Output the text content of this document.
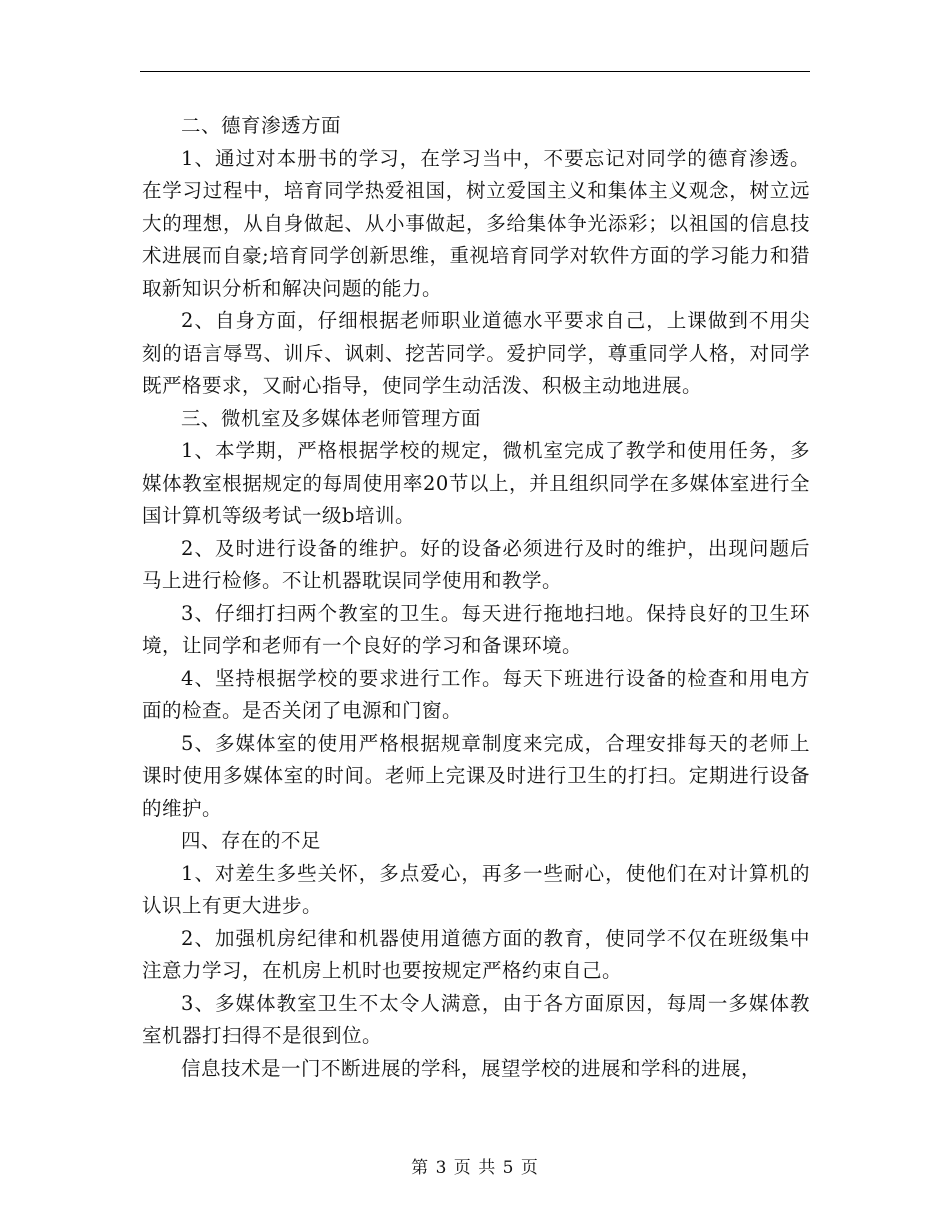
二、德育渗透方面

1、通过对本册书的学习，在学习当中，不要忘记对同学的德育渗透。在学习过程中，培育同学热爱祖国，树立爱国主义和集体主义观念，树立远大的理想，从自身做起、从小事做起，多给集体争光添彩；以祖国的信息技术进展而自豪;培育同学创新思维，重视培育同学对软件方面的学习能力和猎取新知识分析和解决问题的能力。

2、自身方面，仔细根据老师职业道德水平要求自己，上课做到不用尖刻的语言辱骂、训斥、讽刺、挖苦同学。爱护同学，尊重同学人格，对同学既严格要求，又耐心指导，使同学生动活泼、积极主动地进展。

三、微机室及多媒体老师管理方面

1、本学期，严格根据学校的规定，微机室完成了教学和使用任务，多媒体教室根据规定的每周使用率20节以上，并且组织同学在多媒体室进行全国计算机等级考试一级b培训。

2、及时进行设备的维护。好的设备必须进行及时的维护，出现问题后马上进行检修。不让机器耽误同学使用和教学。

3、仔细打扫两个教室的卫生。每天进行拖地扫地。保持良好的卫生环境，让同学和老师有一个良好的学习和备课环境。

4、坚持根据学校的要求进行工作。每天下班进行设备的检查和用电方面的检查。是否关闭了电源和门窗。

5、多媒体室的使用严格根据规章制度来完成，合理安排每天的老师上课时使用多媒体室的时间。老师上完课及时进行卫生的打扫。定期进行设备的维护。

四、存在的不足

1、对差生多些关怀，多点爱心，再多一些耐心，使他们在对计算机的认识上有更大进步。

2、加强机房纪律和机器使用道德方面的教育，使同学不仅在班级集中注意力学习，在机房上机时也要按规定严格约束自己。

3、多媒体教室卫生不太令人满意，由于各方面原因，每周一多媒体教室机器打扫得不是很到位。

信息技术是一门不断进展的学科，展望学校的进展和学科的进展，

第 3 页 共 5 页
